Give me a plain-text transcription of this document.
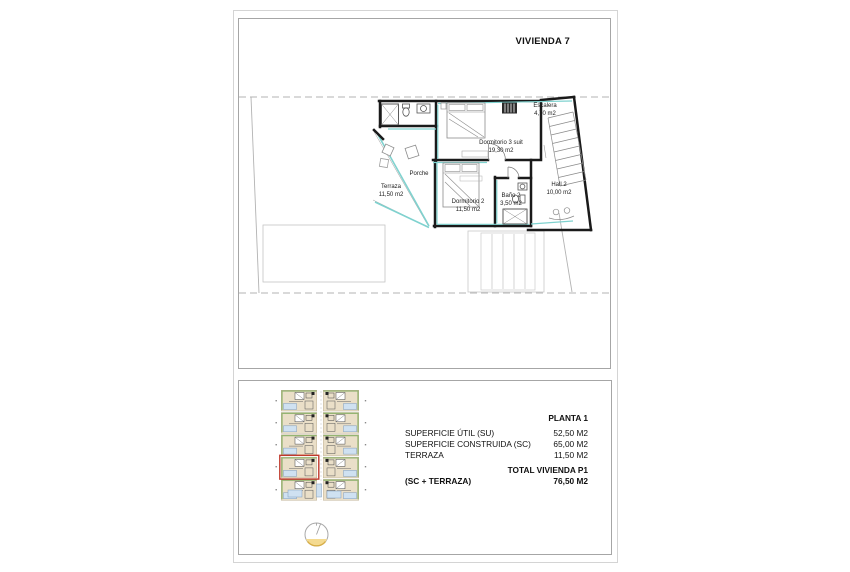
VIVIENDA 7
Dormitorio 3 suit
19,30 m2
Dormitorio 2
11,50 m2
Baño 2
3,50 m2
Hall 2
10,00 m2
Escalera
4,70 m2
Porche
Terraza
11,50 m2
PLANTA 1
SUPERFICIE ÚTIL (SU)	52,50 M2
SUPERFICIE CONSTRUIDA (SC)	65,00 M2
TERRAZA	11,50 M2
TOTAL VIVIENDA P1
(SC + TERRAZA)	76,50 M2
